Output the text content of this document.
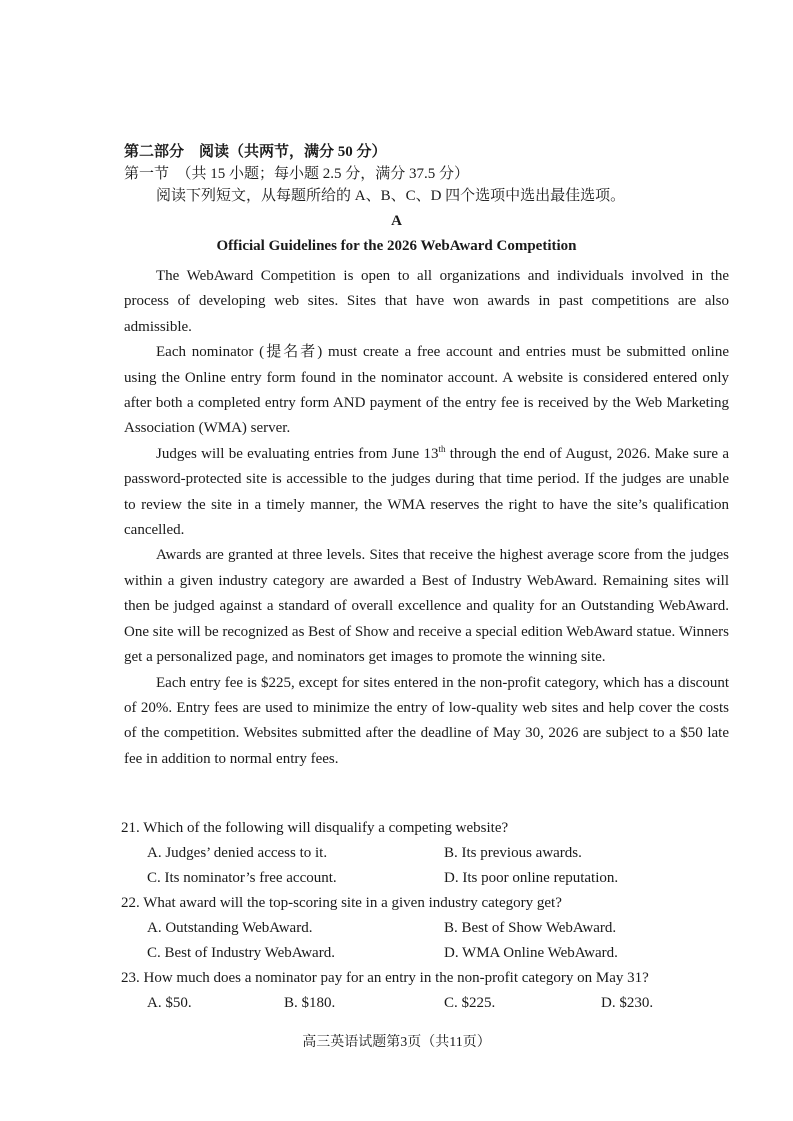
第二部分　阅读（共两节，满分 50 分）
第一节　（共 15 小题；每小题 2.5 分，满分 37.5 分）
阅读下列短文，从每题所给的 A、B、C、D 四个选项中选出最佳选项。
A
Official Guidelines for the 2026 WebAward Competition

The WebAward Competition is open to all organizations and individuals involved in the process of developing web sites. Sites that have won awards in past competitions are also admissible.

Each nominator (提名者) must create a free account and entries must be submitted online using the Online entry form found in the nominator account. A website is considered entered only after both a completed entry form AND payment of the entry fee is received by the Web Marketing Association (WMA) server.

Judges will be evaluating entries from June 13th through the end of August, 2026. Make sure a password-protected site is accessible to the judges during that time period. If the judges are unable to review the site in a timely manner, the WMA reserves the right to have the site’s qualification cancelled.

Awards are granted at three levels. Sites that receive the highest average score from the judges within a given industry category are awarded a Best of Industry WebAward. Remaining sites will then be judged against a standard of overall excellence and quality for an Outstanding WebAward. One site will be recognized as Best of Show and receive a special edition WebAward statue. Winners get a personalized page, and nominators get images to promote the winning site.

Each entry fee is $225, except for sites entered in the non-profit category, which has a discount of 20%. Entry fees are used to minimize the entry of low-quality web sites and help cover the costs of the competition. Websites submitted after the deadline of May 30, 2026 are subject to a $50 late fee in addition to normal entry fees.

21. Which of the following will disqualify a competing website?
A. Judges’ denied access to it.	B. Its previous awards.
C. Its nominator’s free account.	D. Its poor online reputation.
22. What award will the top-scoring site in a given industry category get?
A. Outstanding WebAward.	B. Best of Show WebAward.
C. Best of Industry WebAward.	D. WMA Online WebAward.
23. How much does a nominator pay for an entry in the non-profit category on May 31?
A. $50.	B. $180.	C. $225.	D. $230.
高三英语试题第3页（共11页）
